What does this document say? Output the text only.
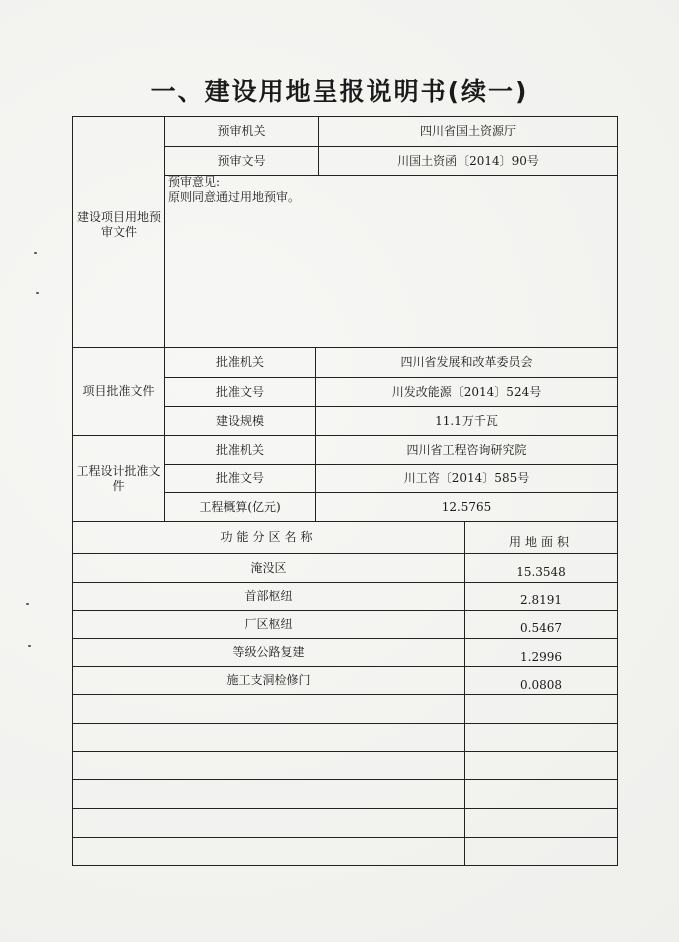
一、建设用地呈报说明书(续一)
建设项目用地预审文件
预审机关	四川省国土资源厅
预审文号	川国土资函〔2014〕90号
预审意见:
原则同意通过用地预审。
项目批准文件
批准机关	四川省发展和改革委员会
批准文号	川发改能源〔2014〕524号
建设规模	11.1万千瓦
工程设计批准文件
批准机关	四川省工程咨询研究院
批准文号	川工咨〔2014〕585号
工程概算(亿元)	12.5765
功能分区名称	用地面积
淹没区	15.3548
首部枢纽	2.8191
厂区枢纽	0.5467
等级公路复建	1.2996
施工支洞检修门	0.0808
